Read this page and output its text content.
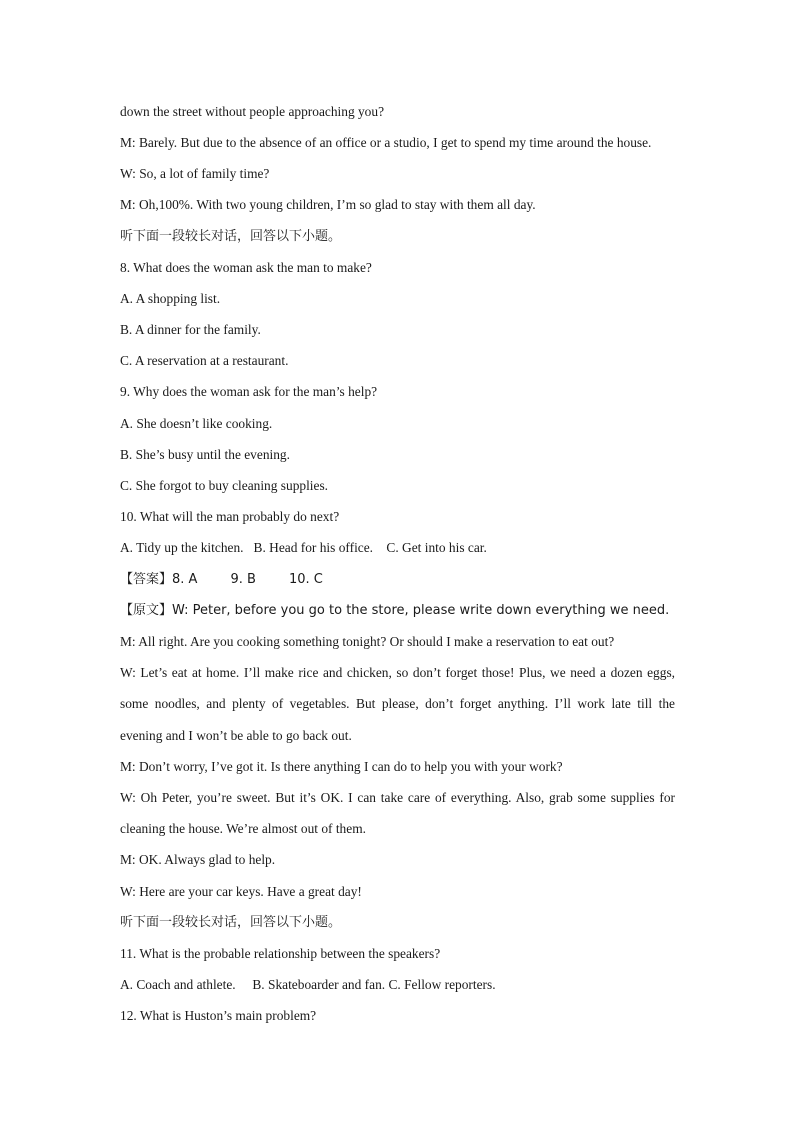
down the street without people approaching you?
M: Barely. But due to the absence of an office or a studio, I get to spend my time around the house.
W: So, a lot of family time?
M: Oh,100%. With two young children, I’m so glad to stay with them all day.
听下面一段较长对话，回答以下小题。
8. What does the woman ask the man to make?
A. A shopping list.
B. A dinner for the family.
C. A reservation at a restaurant.
9. Why does the woman ask for the man’s help?
A. She doesn’t like cooking.
B. She’s busy until the evening.
C. She forgot to buy cleaning supplies.
10. What will the man probably do next?
A. Tidy up the kitchen.   B. Head for his office.    C. Get into his car.
【答案】8. A        9. B        10. C
【原文】W: Peter, before you go to the store, please write down everything we need.
M: All right. Are you cooking something tonight? Or should I make a reservation to eat out?
W: Let’s eat at home. I’ll make rice and chicken, so don’t forget those! Plus, we need a dozen eggs,
some noodles, and plenty of vegetables. But please, don’t forget anything. I’ll work late till the
evening and I won’t be able to go back out.
M: Don’t worry, I’ve got it. Is there anything I can do to help you with your work?
W: Oh Peter, you’re sweet. But it’s OK. I can take care of everything. Also, grab some supplies for
cleaning the house. We’re almost out of them.
M: OK. Always glad to help.
W: Here are your car keys. Have a great day!
听下面一段较长对话，回答以下小题。
11. What is the probable relationship between the speakers?
A. Coach and athlete.     B. Skateboarder and fan. C. Fellow reporters.
12. What is Huston’s main problem?
